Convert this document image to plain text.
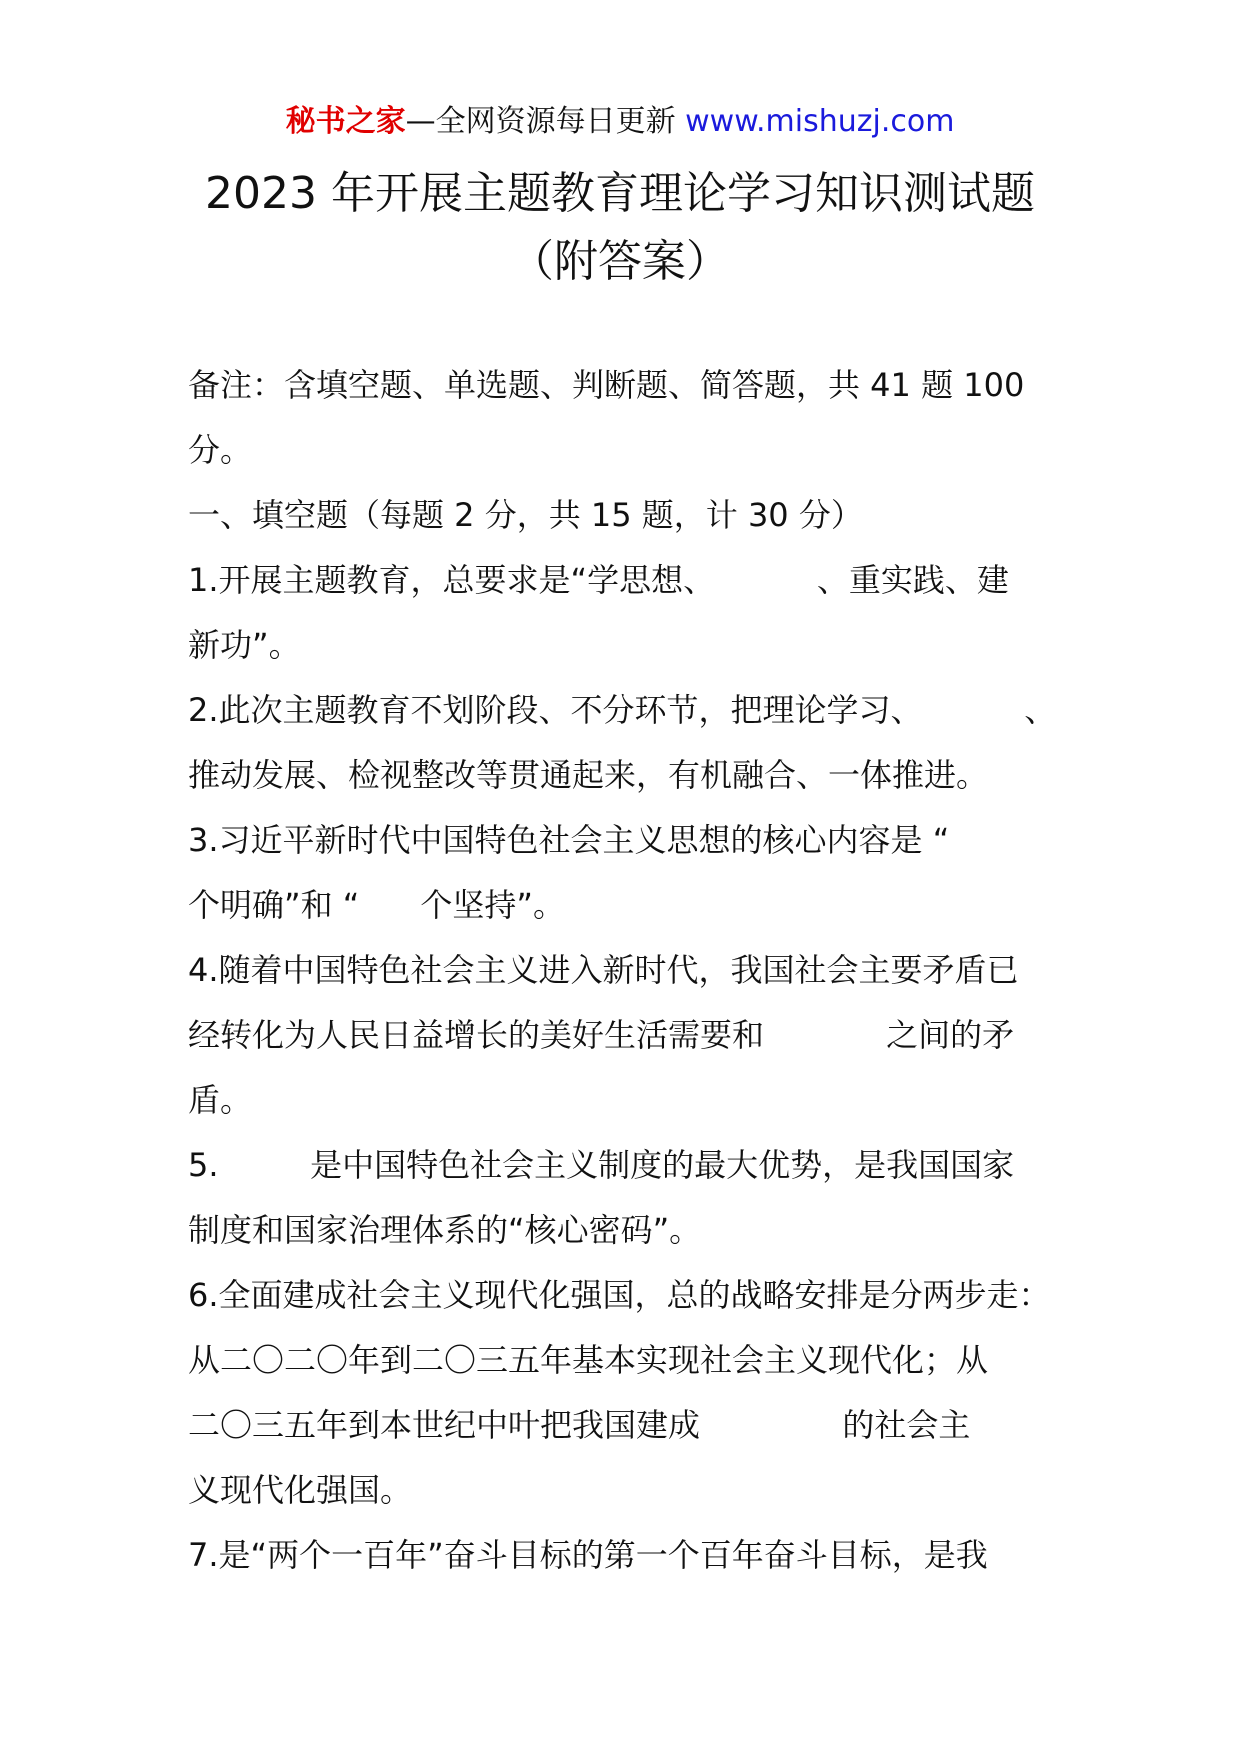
秘书之家—全网资源每日更新 www.mishuzj.com
2023 年开展主题教育理论学习知识测试题
（附答案）
备注：含填空题、单选题、判断题、简答题，共 41 题 100
分。
一、填空题（每题 2 分，共 15 题，计 30 分）
1.开展主题教育，总要求是“学思想、          、重实践、建
新功”。
2.此次主题教育不划阶段、不分环节，把理论学习、          、
推动发展、检视整改等贯通起来，有机融合、一体推进。
3.习近平新时代中国特色社会主义思想的核心内容是 “
个明确”和 “      个坚持”。
4.随着中国特色社会主义进入新时代，我国社会主要矛盾已
经转化为人民日益增长的美好生活需要和            之间的矛
盾。
5.         是中国特色社会主义制度的最大优势，是我国国家
制度和国家治理体系的“核心密码”。
6.全面建成社会主义现代化强国，总的战略安排是分两步走：
从二〇二〇年到二〇三五年基本实现社会主义现代化；从
二〇三五年到本世纪中叶把我国建成              的社会主
义现代化强国。
7.是“两个一百年”奋斗目标的第一个百年奋斗目标，是我
